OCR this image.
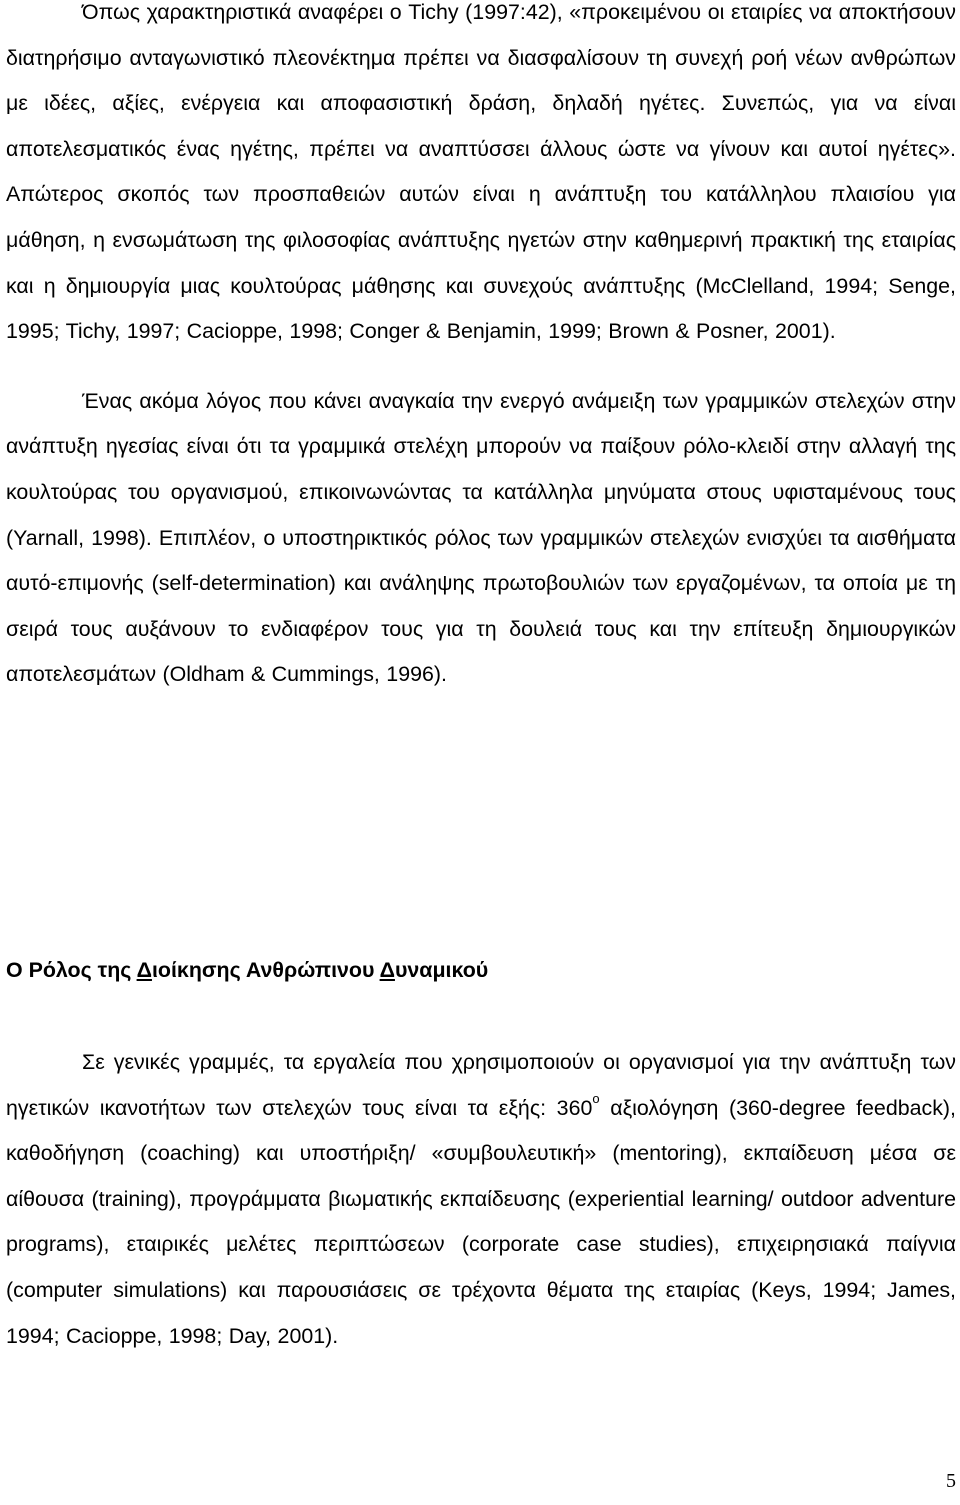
Όπως χαρακτηριστικά αναφέρει ο Tichy (1997:42), «προκειμένου οι εταιρίες να αποκτήσουν διατηρήσιμο ανταγωνιστικό πλεονέκτημα πρέπει να διασφαλίσουν τη συνεχή ροή νέων ανθρώπων με ιδέες, αξίες, ενέργεια και αποφασιστική δράση, δηλαδή ηγέτες. Συνεπώς, για να είναι αποτελεσματικός ένας ηγέτης, πρέπει να αναπτύσσει άλλους ώστε να γίνουν και αυτοί ηγέτες». Απώτερος σκοπός των προσπαθειών αυτών είναι η ανάπτυξη του κατάλληλου πλαισίου για μάθηση, η ενσωμάτωση της φιλοσοφίας ανάπτυξης ηγετών στην καθημερινή πρακτική της εταιρίας και η δημιουργία μιας κουλτούρας μάθησης και συνεχούς ανάπτυξης (McClelland, 1994; Senge, 1995; Tichy, 1997; Cacioppe, 1998; Conger & Benjamin, 1999; Brown & Posner, 2001).

Ένας ακόμα λόγος που κάνει αναγκαία την ενεργό ανάμειξη των γραμμικών στελεχών στην ανάπτυξη ηγεσίας είναι ότι τα γραμμικά στελέχη μπορούν να παίξουν ρόλο-κλειδί στην αλλαγή της κουλτούρας του οργανισμού, επικοινωνώντας τα κατάλληλα μηνύματα στους υφισταμένους τους (Yarnall, 1998). Επιπλέον, ο υποστηρικτικός ρόλος των γραμμικών στελεχών ενισχύει τα αισθήματα αυτό-επιμονής (self-determination) και ανάληψης πρωτοβουλιών των εργαζομένων, τα οποία με τη σειρά τους αυξάνουν το ενδιαφέρον τους για τη δουλειά τους και την επίτευξη δημιουργικών αποτελεσμάτων (Oldham & Cummings, 1996).

Ο Ρόλος της Διοίκησης Ανθρώπινου Δυναμικού

Σε γενικές γραμμές, τα εργαλεία που χρησιμοποιούν οι οργανισμοί για την ανάπτυξη των ηγετικών ικανοτήτων των στελεχών τους είναι τα εξής: $360^o$ αξιολόγηση (360-degree feedback), καθοδήγηση (coaching) και υποστήριξη/ «συμβουλευτική» (mentoring), εκπαίδευση μέσα σε αίθουσα (training), προγράμματα βιωματικής εκπαίδευσης (experiential learning/ outdoor adventure programs), εταιρικές μελέτες περιπτώσεων (corporate case studies), επιχειρησιακά παίγνια (computer simulations) και παρουσιάσεις σε τρέχοντα θέματα της εταιρίας (Keys, 1994; James, 1994; Cacioppe, 1998; Day, 2001).

5
